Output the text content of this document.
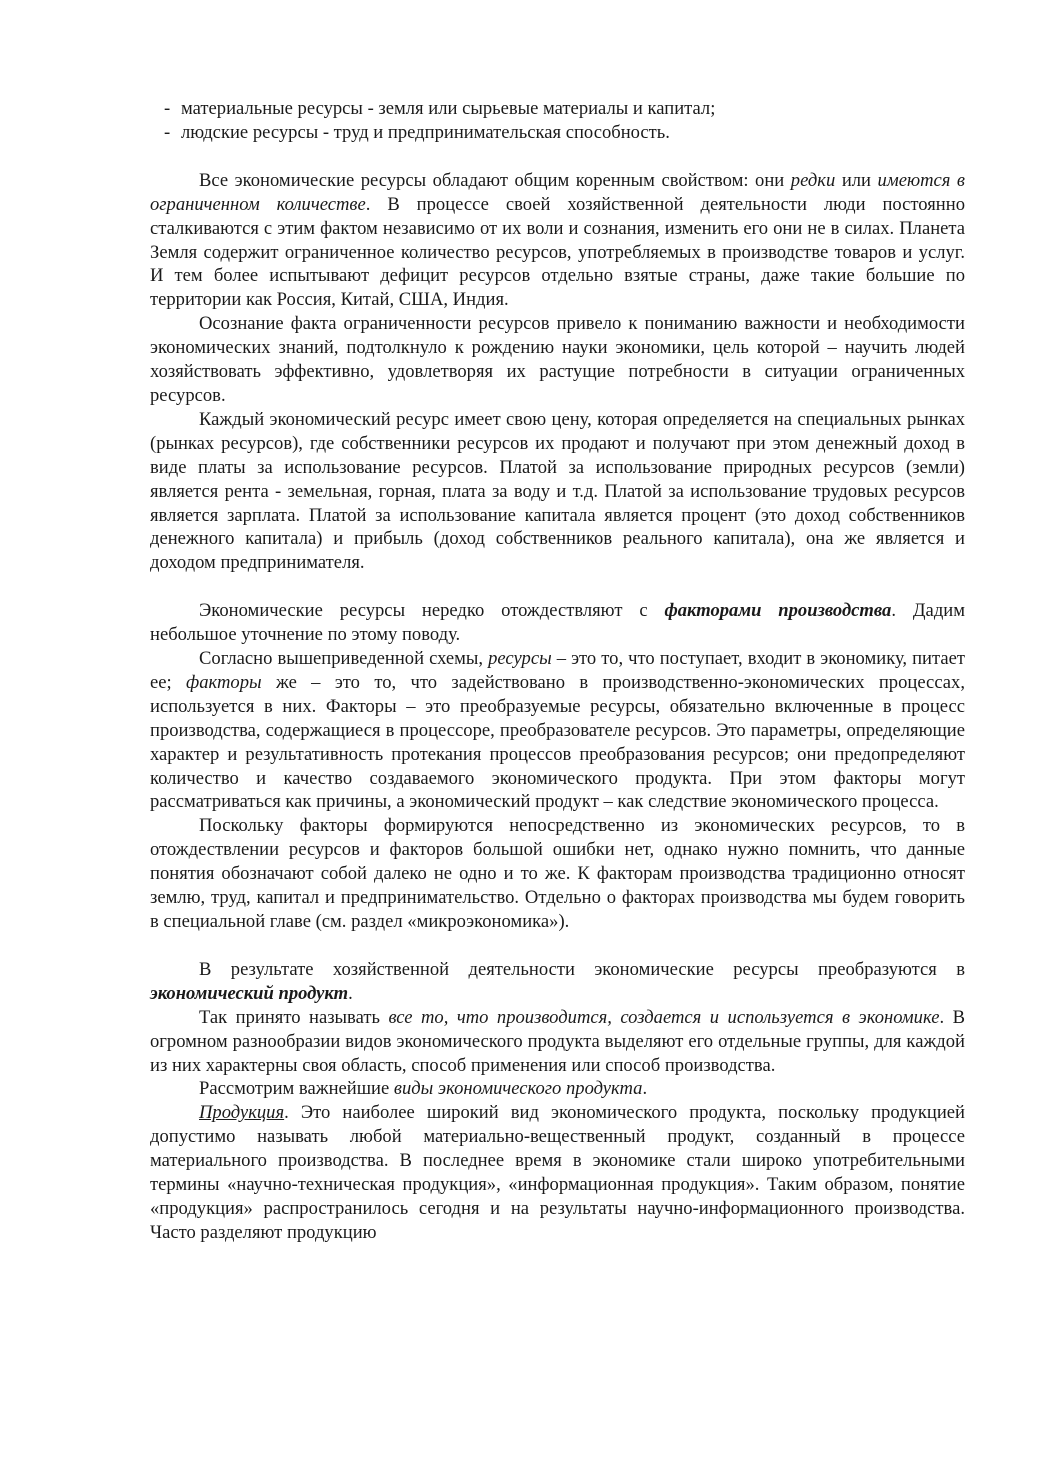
- материальные ресурсы - земля или сырьевые материалы и капитал;

- людские ресурсы - труд и предпринимательская способность.

Все экономические ресурсы обладают общим коренным свойством: они редки или имеются в ограниченном количестве. В процессе своей хозяйственной деятельности люди постоянно сталкиваются с этим фактом независимо от их воли и сознания, изменить его они не в силах. Планета Земля содержит ограниченное количество ресурсов, употребляемых в производстве товаров и услуг. И тем более испытывают дефицит ресурсов отдельно взятые страны, даже такие большие по территории как Россия, Китай, США, Индия.

Осознание факта ограниченности ресурсов привело к пониманию важности и необходимости экономических знаний, подтолкнуло к рождению науки экономики, цель которой – научить людей хозяйствовать эффективно, удовлетворяя их растущие потребности в ситуации ограниченных ресурсов.

Каждый экономический ресурс имеет свою цену, которая определяется на специальных рынках (рынках ресурсов), где собственники ресурсов их продают и получают при этом денежный доход в виде платы за использование ресурсов. Платой за использование природных ресурсов (земли) является рента - земельная, горная, плата за воду и т.д. Платой за использование трудовых ресурсов является зарплата. Платой за использование капитала является процент (это доход собственников денежного капитала) и прибыль (доход собственников реального капитала), она же является и доходом предпринимателя.

Экономические ресурсы нередко отождествляют с факторами производства. Дадим небольшое уточнение по этому поводу.

Согласно вышеприведенной схемы, ресурсы – это то, что поступает, входит в экономику, питает ее; факторы же – это то, что задействовано в производственно-экономических процессах, используется в них. Факторы – это преобразуемые ресурсы, обязательно включенные в процесс производства, содержащиеся в процессоре, преобразователе ресурсов. Это параметры, определяющие характер и результативность протекания процессов преобразования ресурсов; они предопределяют количество и качество создаваемого экономического продукта. При этом факторы могут рассматриваться как причины, а экономический продукт – как следствие экономического процесса.

Поскольку факторы формируются непосредственно из экономических ресурсов, то в отождествлении ресурсов и факторов большой ошибки нет, однако нужно помнить, что данные понятия обозначают собой далеко не одно и то же. К факторам производства традиционно относят землю, труд, капитал и предпринимательство. Отдельно о факторах производства мы будем говорить в специальной главе (см. раздел «микроэкономика»).

В результате хозяйственной деятельности экономические ресурсы преобразуются в экономический продукт.

Так принято называть все то, что производится, создается и используется в экономике. В огромном разнообразии видов экономического продукта выделяют его отдельные группы, для каждой из них характерны своя область, способ применения или способ производства.

Рассмотрим важнейшие виды экономического продукта.

Продукция. Это наиболее широкий вид экономического продукта, поскольку продукцией допустимо называть любой материально-вещественный продукт, созданный в процессе материального производства. В последнее время в экономике стали широко употребительными термины «научно-техническая продукция», «информационная продукция». Таким образом, понятие «продукция» распространилось сегодня и на результаты научно-информационного производства. Часто разделяют продукцию
